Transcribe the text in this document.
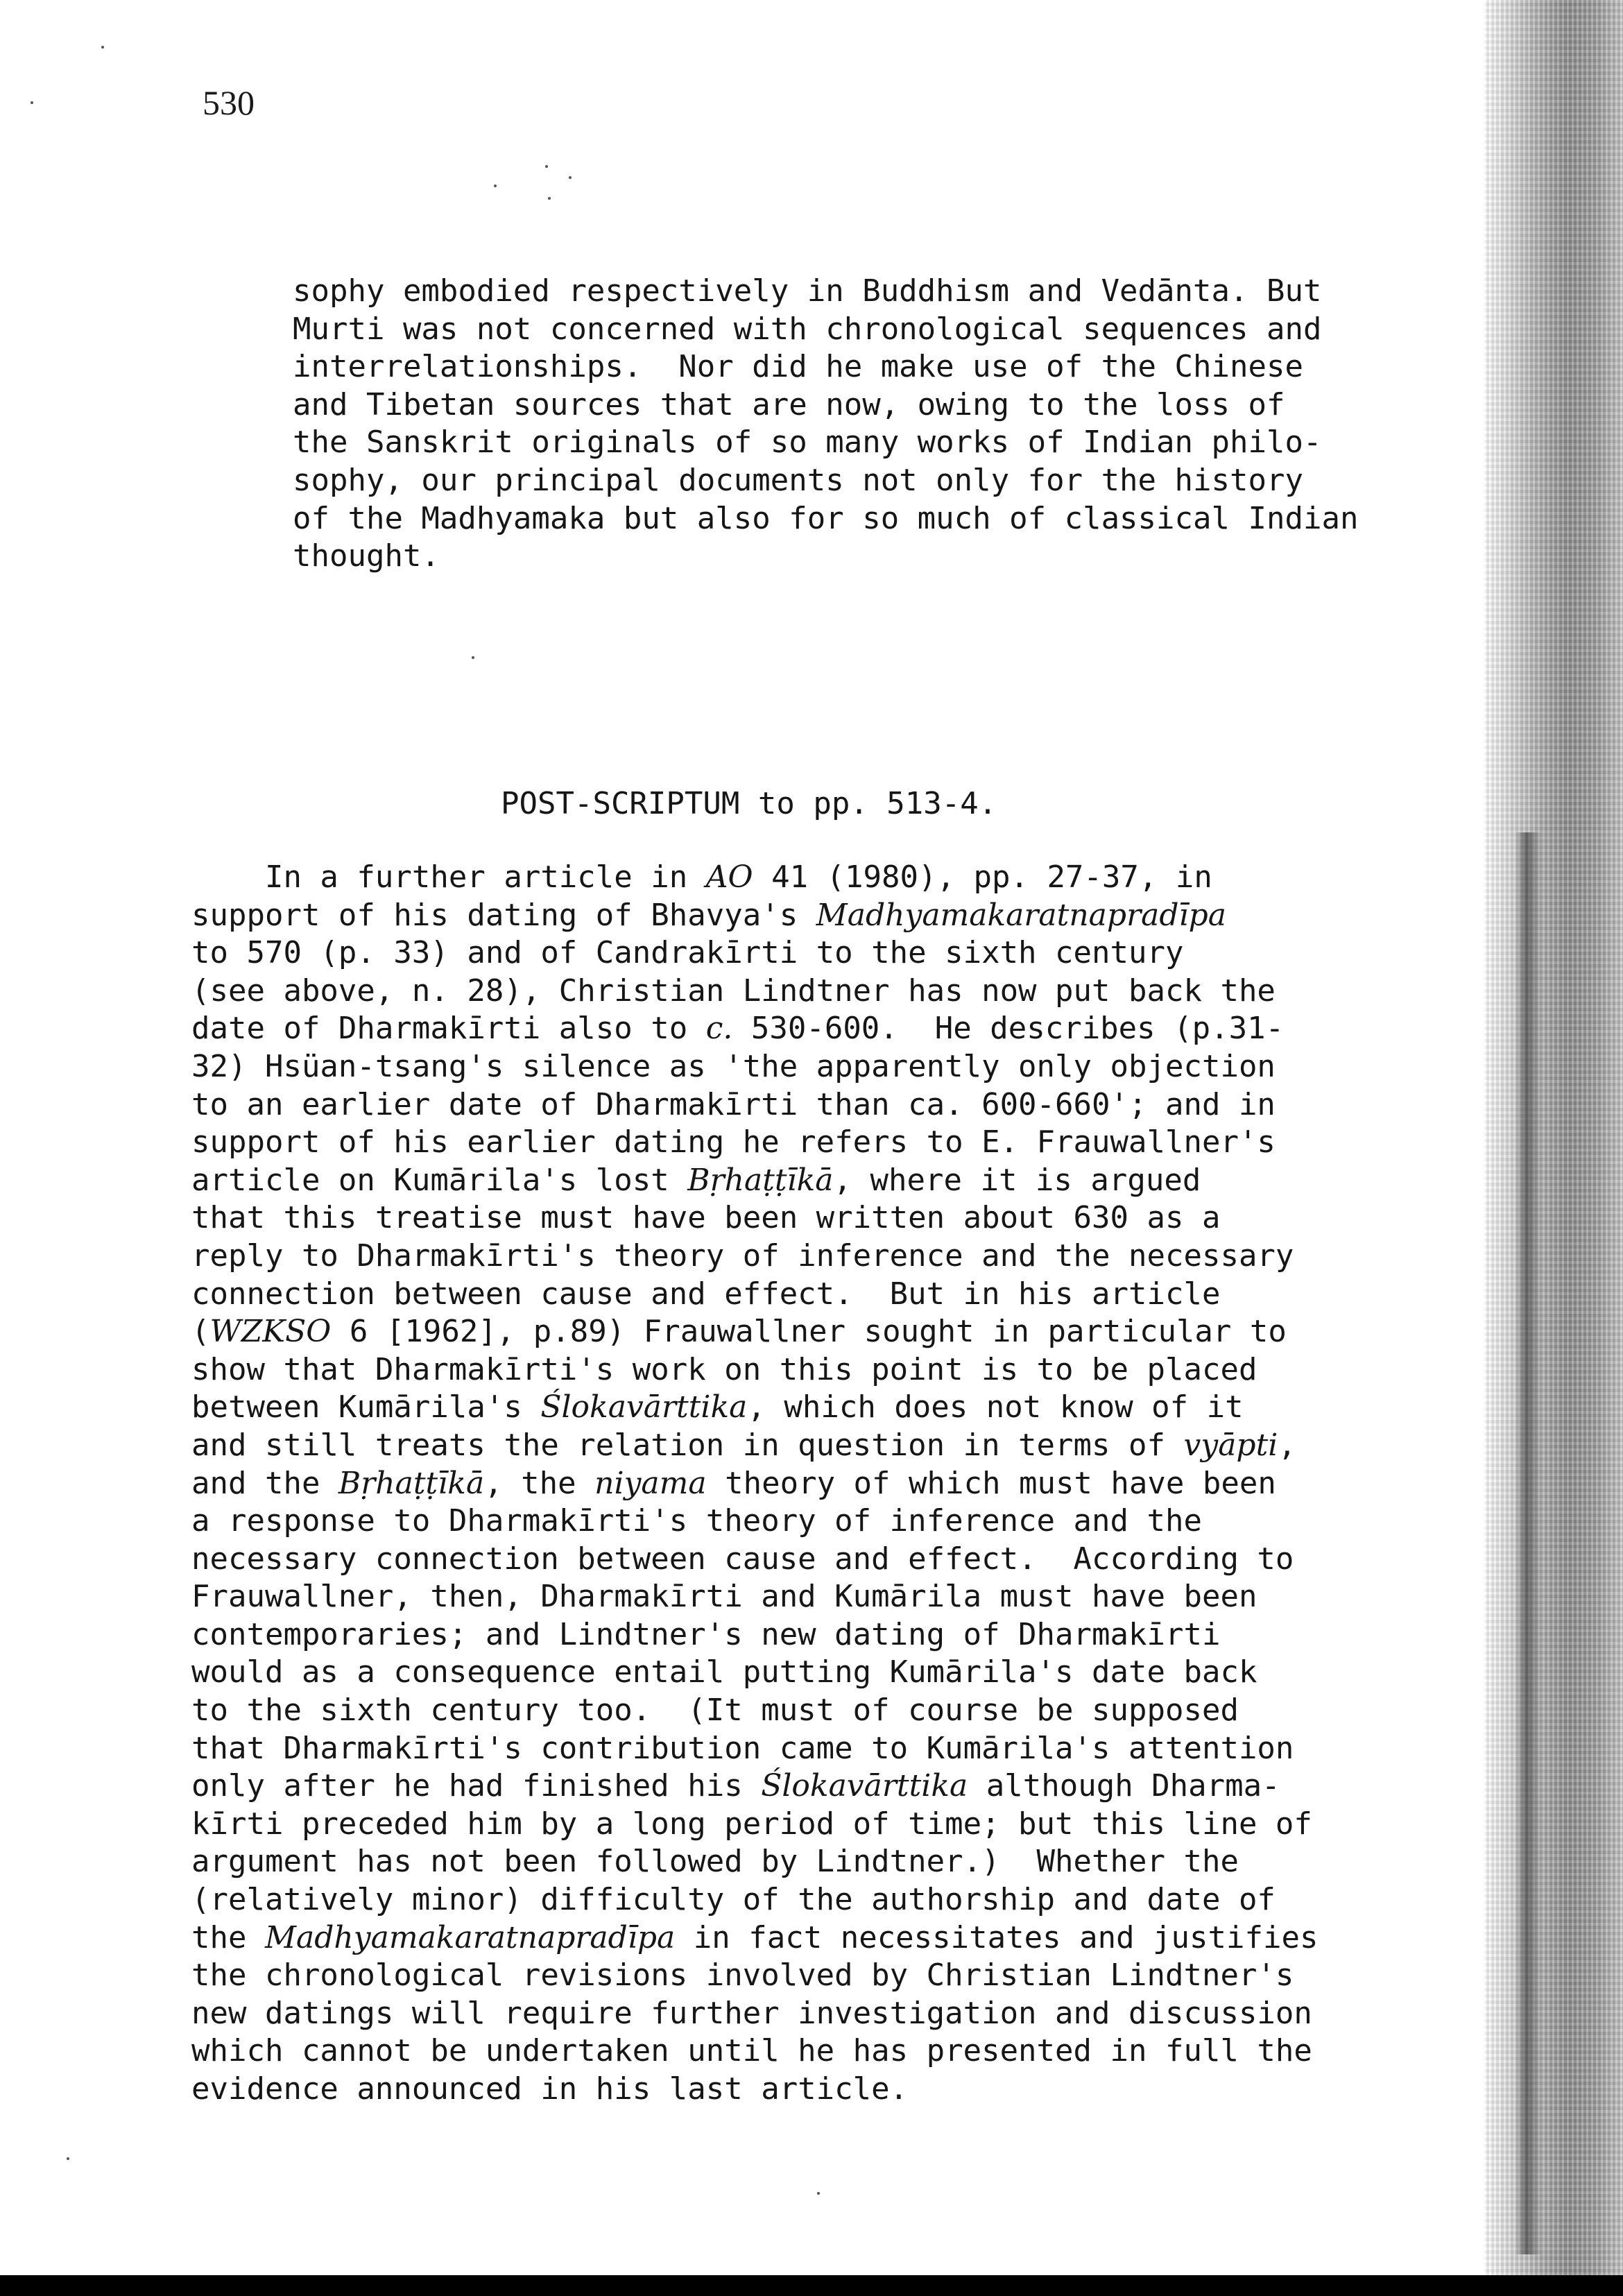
530
sophy embodied respectively in Buddhism and Vedānta. But
Murti was not concerned with chronological sequences and
interrelationships.  Nor did he make use of the Chinese
and Tibetan sources that are now, owing to the loss of
the Sanskrit originals of so many works of Indian philo-
sophy, our principal documents not only for the history
of the Madhyamaka but also for so much of classical Indian
thought.
POST-SCRIPTUM to pp. 513-4.
In a further article in AO 41 (1980), pp. 27-37, in
support of his dating of Bhavya's Madhyamakaratnapradīpa
to 570 (p. 33) and of Candrakīrti to the sixth century
(see above, n. 28), Christian Lindtner has now put back the
date of Dharmakīrti also to c. 530-600.  He describes (p.31-
32) Hsüan-tsang's silence as 'the apparently only objection
to an earlier date of Dharmakīrti than ca. 600-660'; and in
support of his earlier dating he refers to E. Frauwallner's
article on Kumārila's lost Bṛhaṭṭīkā, where it is argued
that this treatise must have been written about 630 as a
reply to Dharmakīrti's theory of inference and the necessary
connection between cause and effect.  But in his article
(WZKSO 6 [1962], p.89) Frauwallner sought in particular to
show that Dharmakīrti's work on this point is to be placed
between Kumārila's Ślokavārttika, which does not know of it
and still treats the relation in question in terms of vyāpti,
and the Bṛhaṭṭīkā, the niyama theory of which must have been
a response to Dharmakīrti's theory of inference and the
necessary connection between cause and effect.  According to
Frauwallner, then, Dharmakīrti and Kumārila must have been
contemporaries; and Lindtner's new dating of Dharmakīrti
would as a consequence entail putting Kumārila's date back
to the sixth century too.  (It must of course be supposed
that Dharmakīrti's contribution came to Kumārila's attention
only after he had finished his Ślokavārttika although Dharma-
kīrti preceded him by a long period of time; but this line of
argument has not been followed by Lindtner.)  Whether the
(relatively minor) difficulty of the authorship and date of
the Madhyamakaratnapradīpa in fact necessitates and justifies
the chronological revisions involved by Christian Lindtner's
new datings will require further investigation and discussion
which cannot be undertaken until he has presented in full the
evidence announced in his last article.
